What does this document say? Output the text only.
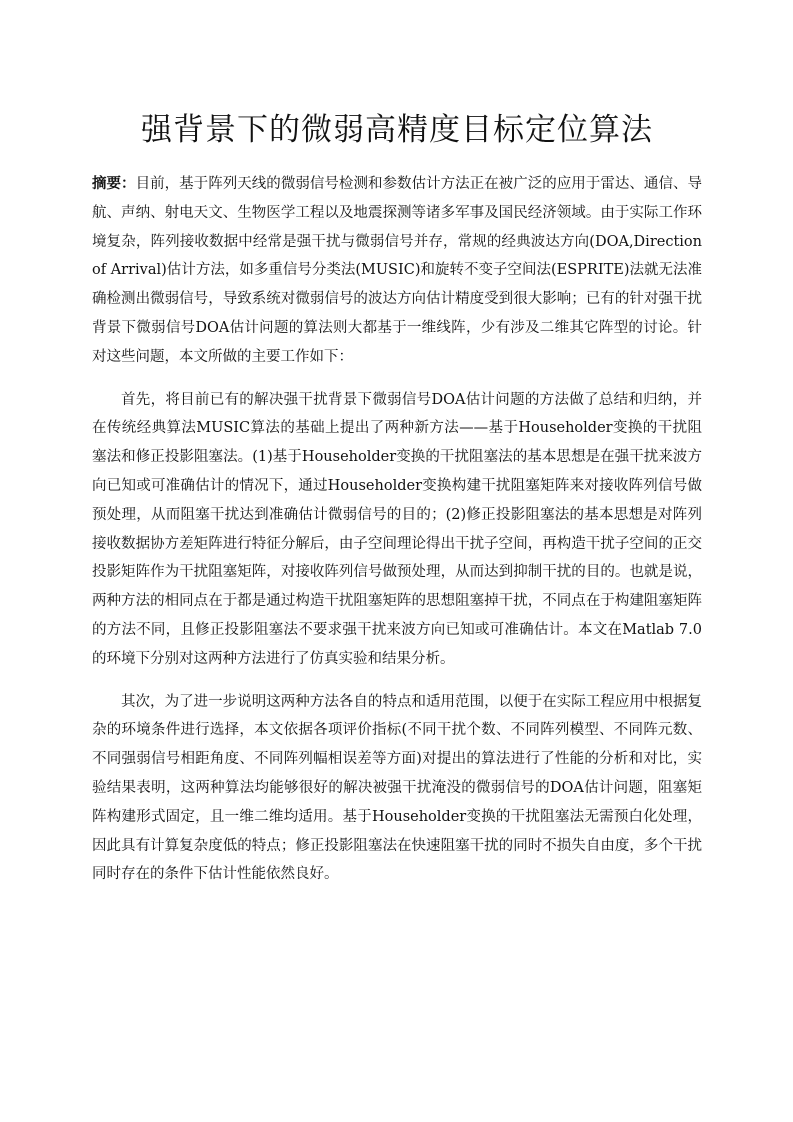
强背景下的微弱高精度目标定位算法

摘要：目前，基于阵列天线的微弱信号检测和参数估计方法正在被广泛的应用于雷达、通信、导航、声纳、射电天文、生物医学工程以及地震探测等诸多军事及国民经济领域。由于实际工作环境复杂，阵列接收数据中经常是强干扰与微弱信号并存，常规的经典波达方向(DOA,Direction of Arrival)估计方法，如多重信号分类法(MUSIC)和旋转不变子空间法(ESPRITE)法就无法准确检测出微弱信号，导致系统对微弱信号的波达方向估计精度受到很大影响；已有的针对强干扰背景下微弱信号DOA估计问题的算法则大都基于一维线阵，少有涉及二维其它阵型的讨论。针对这些问题，本文所做的主要工作如下：

首先，将目前已有的解决强干扰背景下微弱信号DOA估计问题的方法做了总结和归纳，并在传统经典算法MUSIC算法的基础上提出了两种新方法——基于Householder变换的干扰阻塞法和修正投影阻塞法。(1)基于Householder变换的干扰阻塞法的基本思想是在强干扰来波方向已知或可准确估计的情况下，通过Householder变换构建干扰阻塞矩阵来对接收阵列信号做预处理，从而阻塞干扰达到准确估计微弱信号的目的；(2)修正投影阻塞法的基本思想是对阵列接收数据协方差矩阵进行特征分解后，由子空间理论得出干扰子空间，再构造干扰子空间的正交投影矩阵作为干扰阻塞矩阵，对接收阵列信号做预处理，从而达到抑制干扰的目的。也就是说，两种方法的相同点在于都是通过构造干扰阻塞矩阵的思想阻塞掉干扰，不同点在于构建阻塞矩阵的方法不同，且修正投影阻塞法不要求强干扰来波方向已知或可准确估计。本文在Matlab 7.0的环境下分别对这两种方法进行了仿真实验和结果分析。

其次，为了进一步说明这两种方法各自的特点和适用范围，以便于在实际工程应用中根据复杂的环境条件进行选择，本文依据各项评价指标(不同干扰个数、不同阵列模型、不同阵元数、不同强弱信号相距角度、不同阵列幅相误差等方面)对提出的算法进行了性能的分析和对比，实验结果表明，这两种算法均能够很好的解决被强干扰淹没的微弱信号的DOA估计问题，阻塞矩阵构建形式固定，且一维二维均适用。基于Householder变换的干扰阻塞法无需预白化处理，因此具有计算复杂度低的特点；修正投影阻塞法在快速阻塞干扰的同时不损失自由度，多个干扰同时存在的条件下估计性能依然良好。
